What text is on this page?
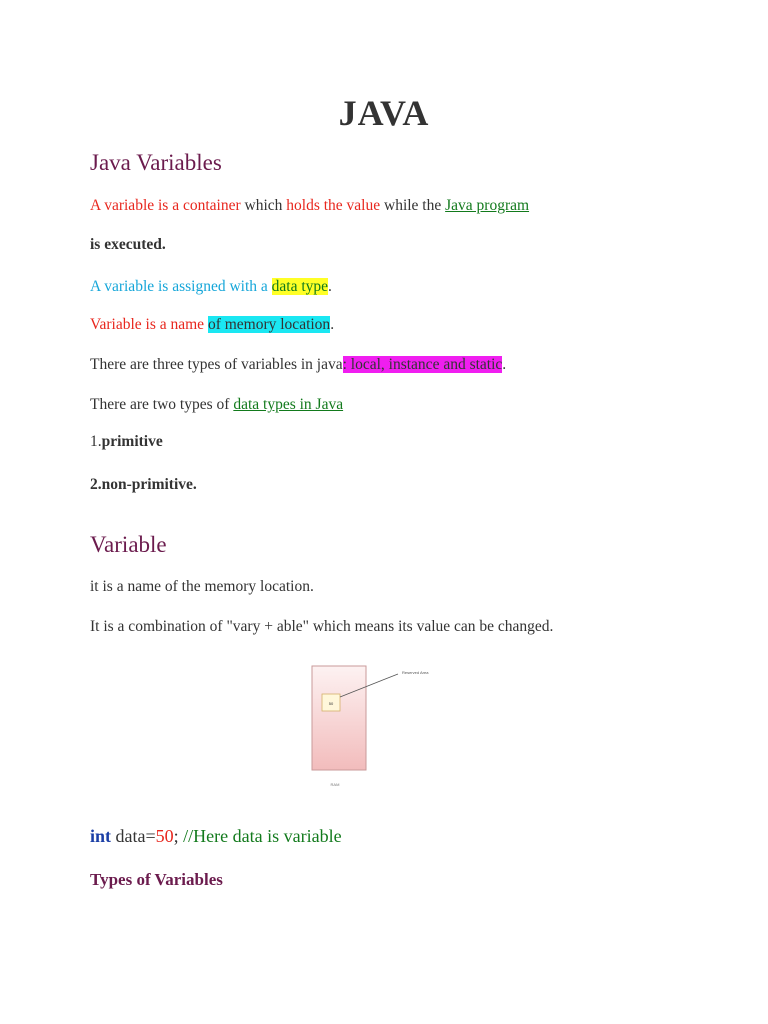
JAVA
Java Variables
A variable is a container which holds the value while the Java program
is executed.
A variable is assigned with a data type.
Variable is a name of memory location.
There are three types of variables in java: local, instance and static.
There are two types of data types in Java
1.primitive
2.non-primitive.
Variable
it is a name of the memory location.
It is a combination of "vary + able" which means its value can be changed.
50
Reserved Area
RAM
int data=50; //Here data is variable
Types of Variables
